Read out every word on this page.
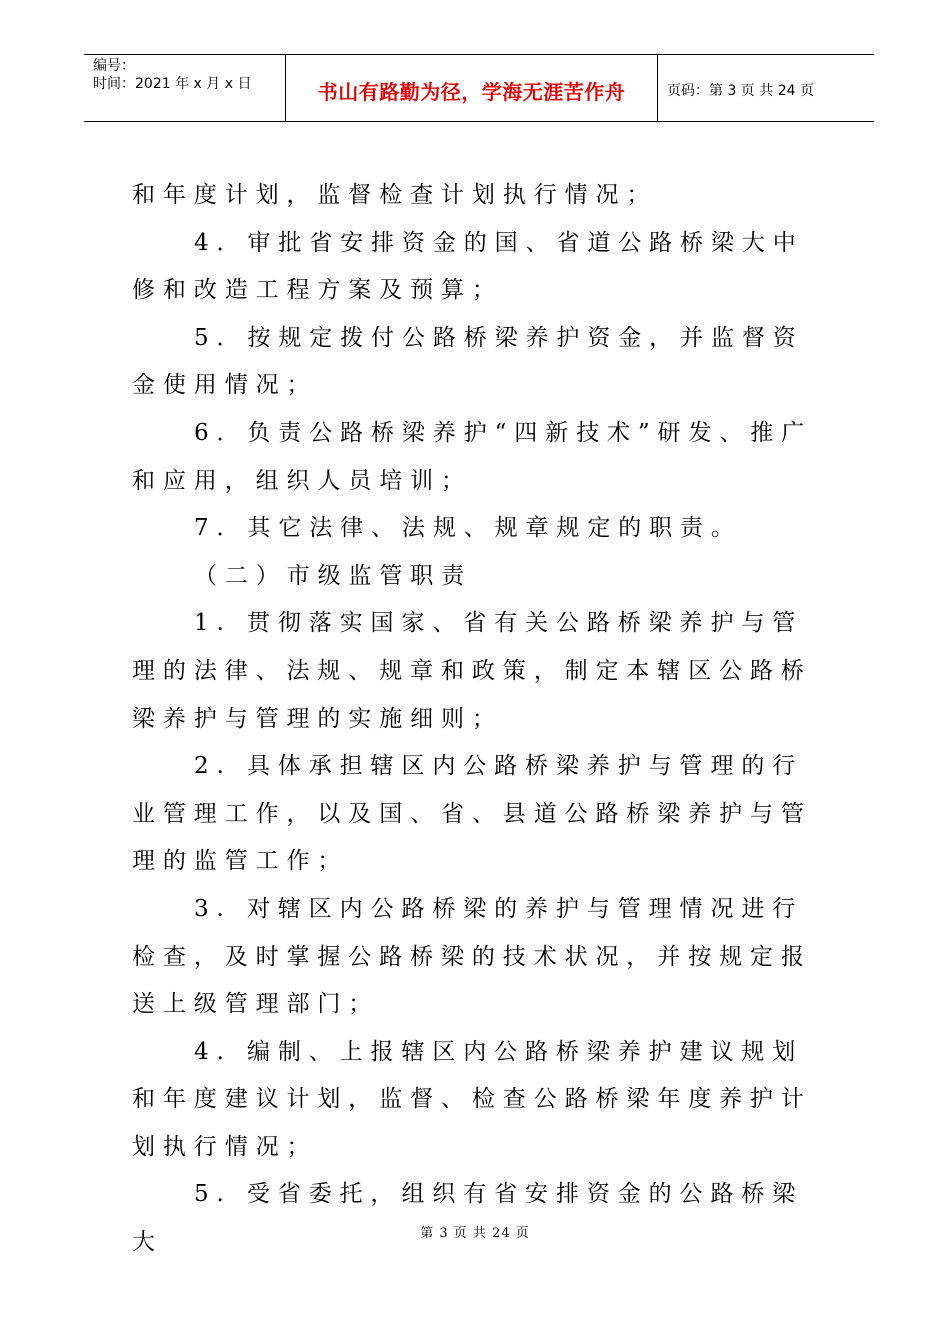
编号：
时间：2021 年 x 月 x 日	书山有路勤为径，学海无涯苦作舟	页码：第 3 页 共 24 页

和年度计划，监督检查计划执行情况；

4．审批省安排资金的国、省道公路桥梁大中修和改造工程方案及预算；

5．按规定拨付公路桥梁养护资金，并监督资金使用情况；

6．负责公路桥梁养护“四新技术”研发、推广和应用，组织人员培训；

7．其它法律、法规、规章规定的职责。

（二）市级监管职责

1. 贯彻落实国家、省有关公路桥梁养护与管理的法律、法规、规章和政策，制定本辖区公路桥梁养护与管理的实施细则；

2. 具体承担辖区内公路桥梁养护与管理的行业管理工作，以及国、省、县道公路桥梁养护与管理的监管工作；

3. 对辖区内公路桥梁的养护与管理情况进行检查，及时掌握公路桥梁的技术状况，并按规定报送上级管理部门；

4. 编制、上报辖区内公路桥梁养护建议规划和年度建议计划，监督、检查公路桥梁年度养护计划执行情况；

5. 受省委托，组织有省安排资金的公路桥梁大	第 3 页 共 24 页
